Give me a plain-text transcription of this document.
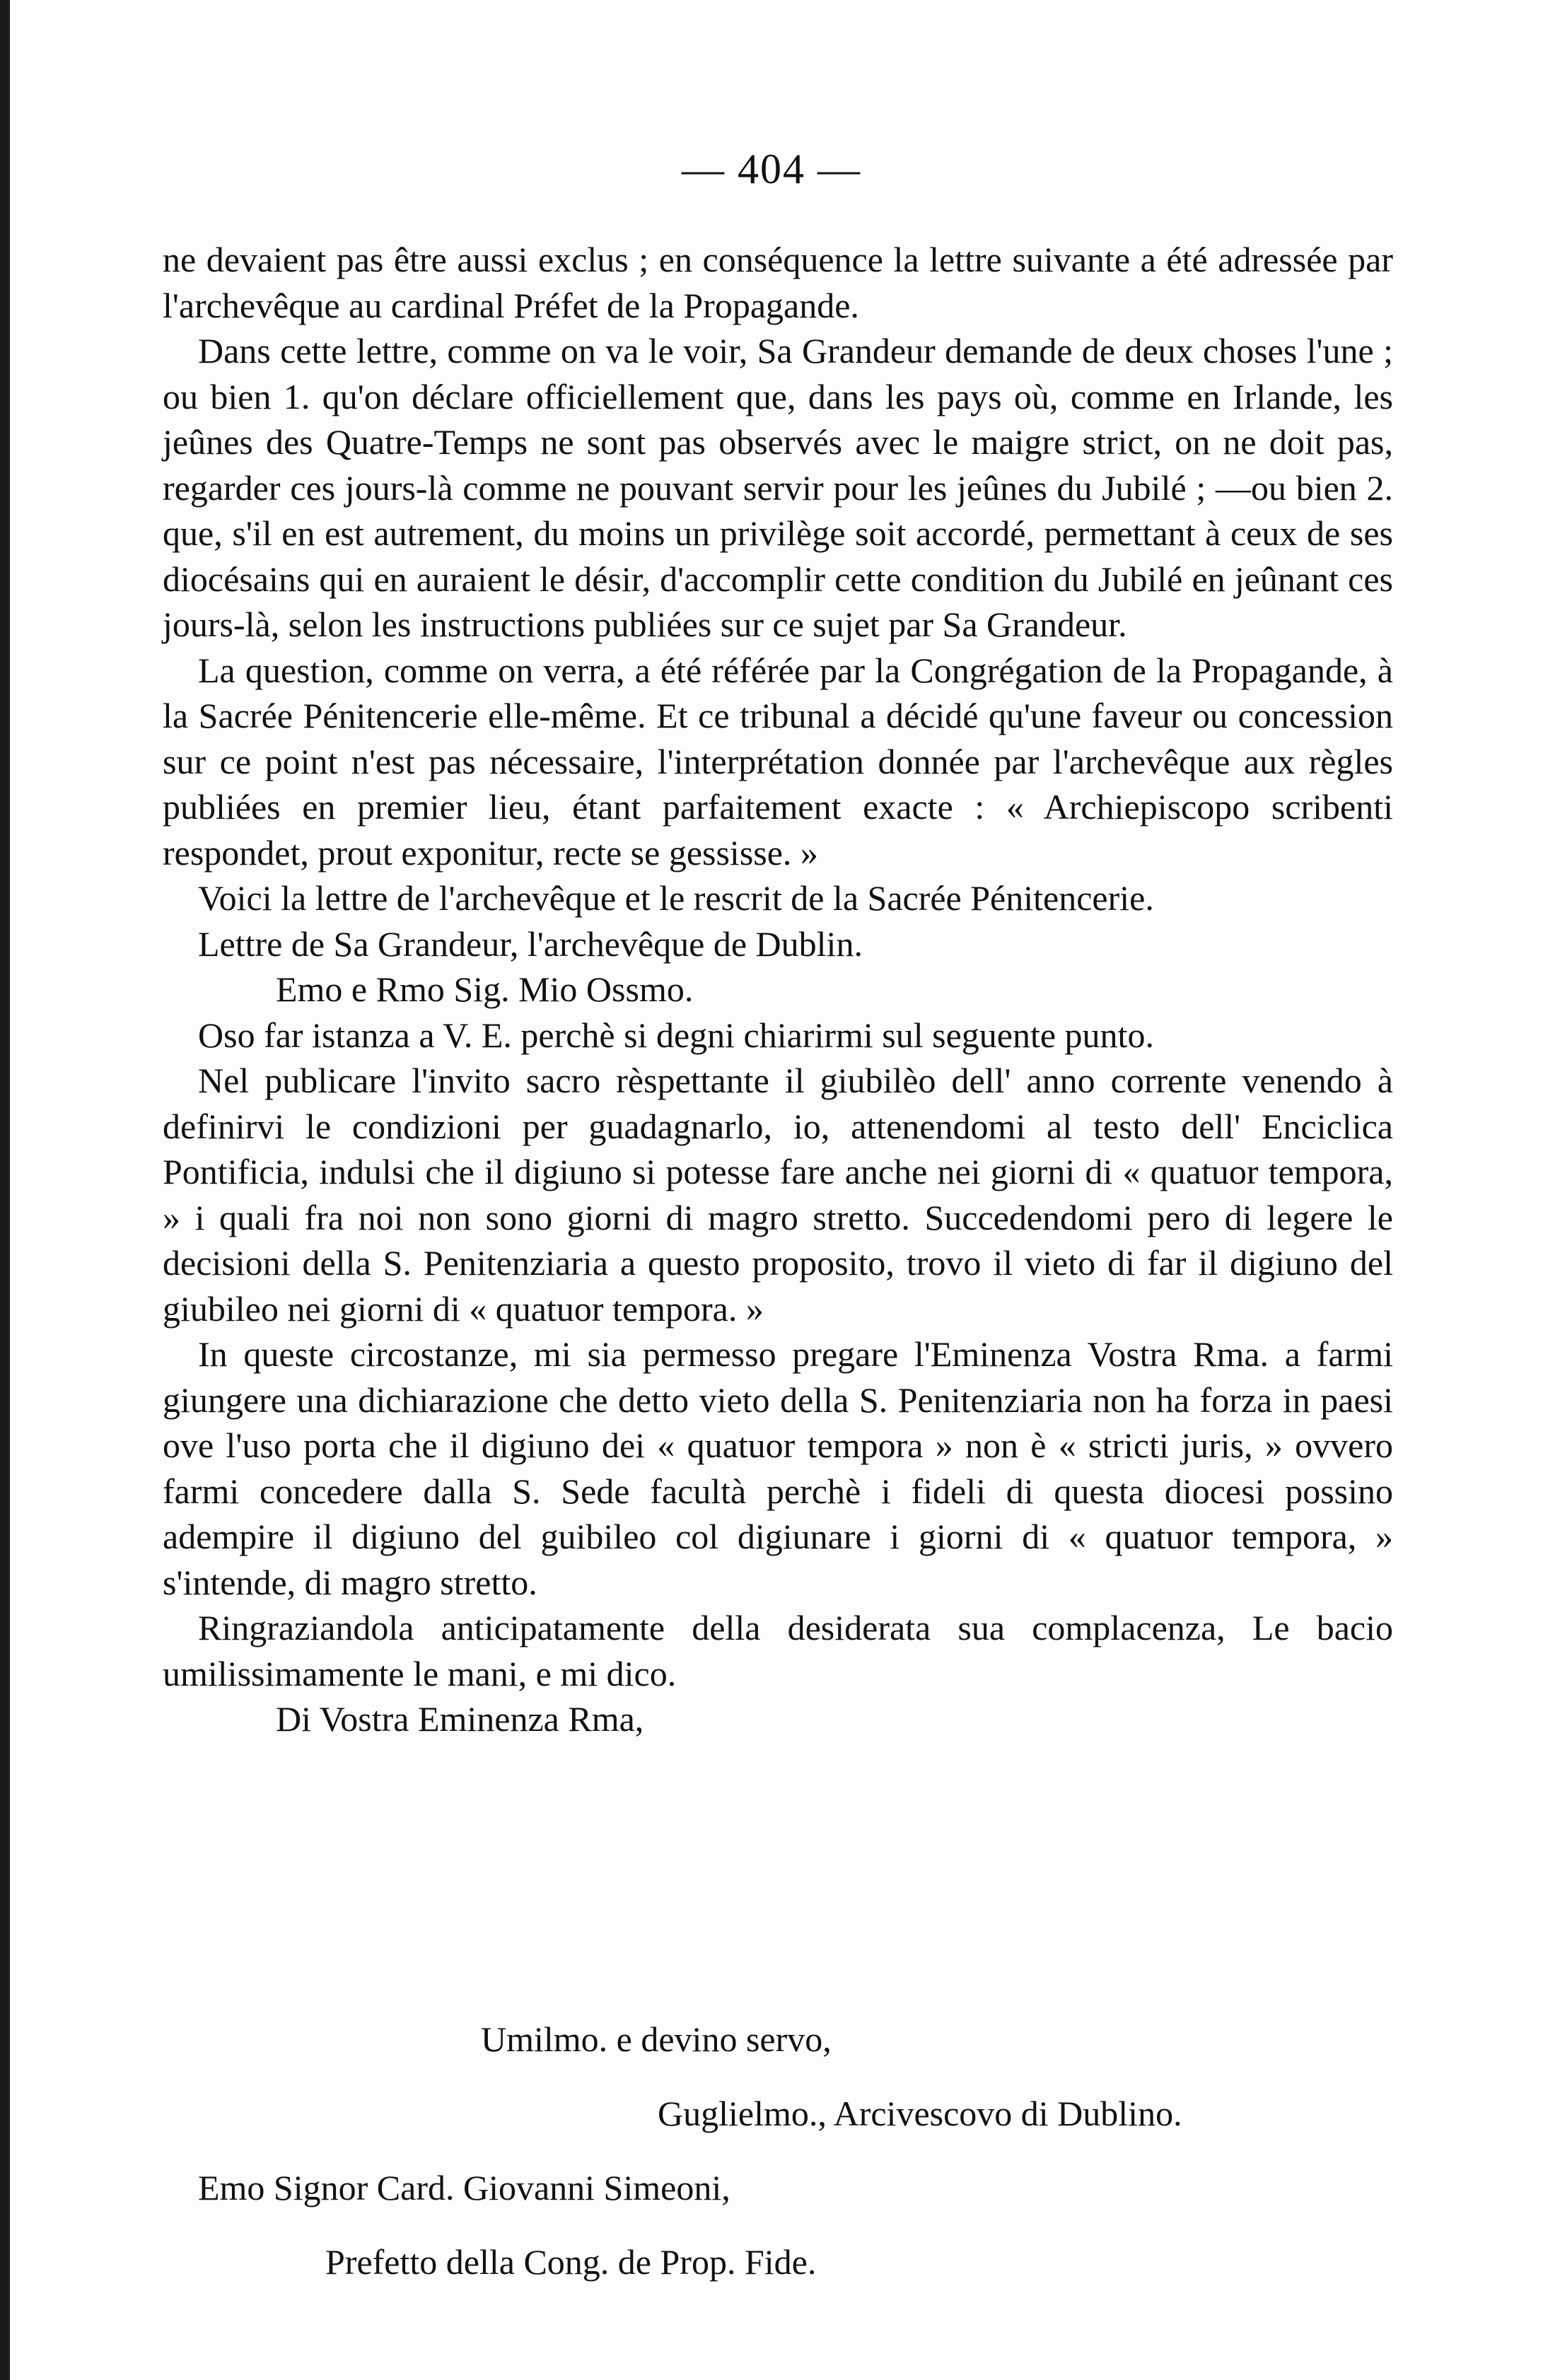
— 404 —

ne devaient pas être aussi exclus ; en conséquence la lettre suivante a été adressée par l'archevêque au cardinal Préfet de la Propagande.

Dans cette lettre, comme on va le voir, Sa Grandeur demande de deux choses l'une ; ou bien 1. qu'on déclare officiellement que, dans les pays où, comme en Irlande, les jeûnes des Quatre-Temps ne sont pas observés avec le maigre strict, on ne doit pas, regarder ces jours-là comme ne pouvant servir pour les jeûnes du Jubilé ; —ou bien 2. que, s'il en est autrement, du moins un privilège soit accordé, permettant à ceux de ses diocésains qui en auraient le désir, d'accomplir cette condition du Jubilé en jeûnant ces jours-là, selon les instructions publiées sur ce sujet par Sa Grandeur.

La question, comme on verra, a été référée par la Congrégation de la Propagande, à la Sacrée Pénitencerie elle-même. Et ce tribunal a décidé qu'une faveur ou concession sur ce point n'est pas nécessaire, l'interprétation donnée par l'archevêque aux règles publiées en premier lieu, étant parfaitement exacte : « Archiepiscopo scribenti respondet, prout exponitur, recte se gessisse. »

Voici la lettre de l'archevêque et le rescrit de la Sacrée Pénitencerie.

Lettre de Sa Grandeur, l'archevêque de Dublin.

Emo e Rmo Sig. Mio Ossmo.

Oso far istanza a V. E. perchè si degni chiarirmi sul seguente punto.

Nel publicare l'invito sacro rèspettante il giubilèo dell' anno corrente venendo à definirvi le condizioni per guadagnarlo, io, attenendomi al testo dell' Enciclica Pontificia, indulsi che il digiuno si potesse fare anche nei giorni di « quatuor tempora, » i quali fra noi non sono giorni di magro stretto. Succedendomi pero di legere le decisioni della S. Penitenziaria a questo proposito, trovo il vieto di far il digiuno del giubileo nei giorni di « quatuor tempora. »

In queste circostanze, mi sia permesso pregare l'Eminenza Vostra Rma. a farmi giungere una dichiarazione che detto vieto della S. Penitenziaria non ha forza in paesi ove l'uso porta che il digiuno dei « quatuor tempora » non è « stricti juris, » ovvero farmi concedere dalla S. Sede facultà perchè i fideli di questa diocesi possino adempire il digiuno del guibileo col digiunare i giorni di « quatuor tempora, » s'intende, di magro stretto.

Ringraziandola anticipatamente della desiderata sua complacenza, Le bacio umilissimamente le mani, e mi dico.

Di Vostra Eminenza Rma,

Umilmo. e devino servo,
Guglielmo., Arcivescovo di Dublino.
Emo Signor Card. Giovanni Simeoni,
Prefetto della Cong. de Prop. Fide.
